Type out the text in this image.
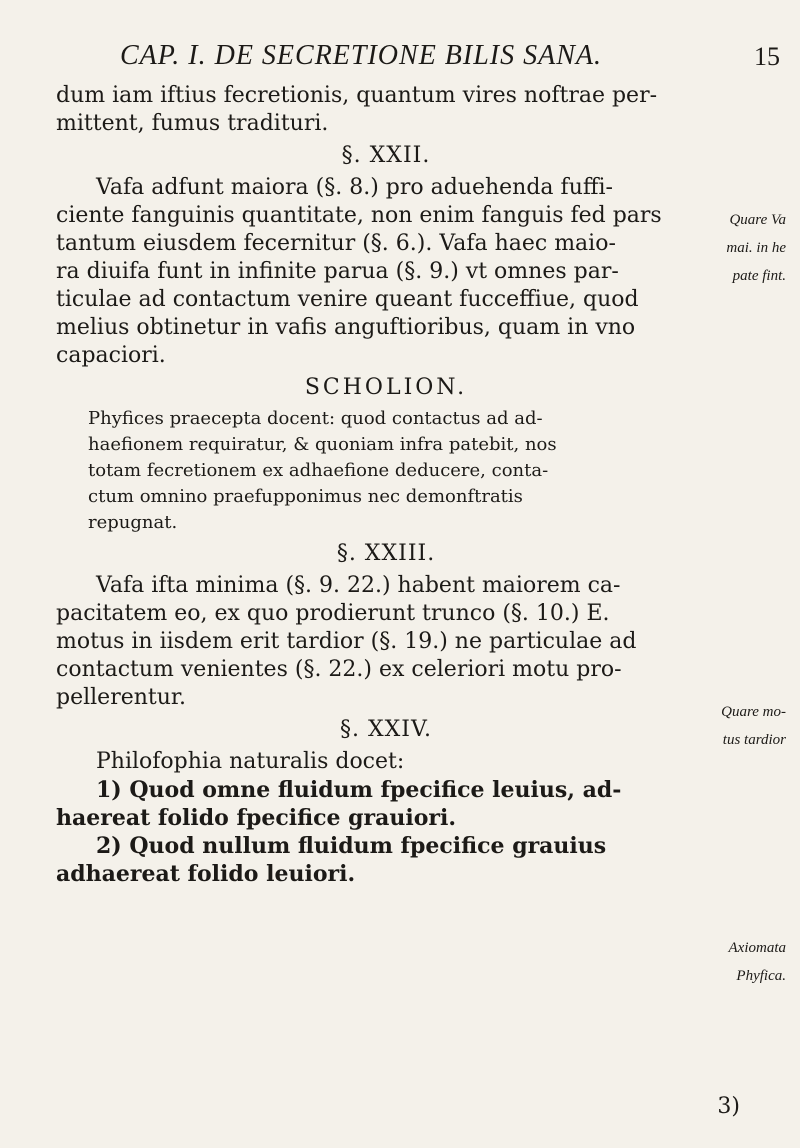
CAP. I. DE SECRETIONE BILIS SANA.	15
dum iam iftius fecretionis, quantum vires noftrae per-
mittent, fumus tradituri.
§. XXII.
Vafa adfunt maiora (§. 8.) pro aduehenda fuffi-
ciente fanguinis quantitate, non enim fanguis fed pars
tantum eiusdem fecernitur (§. 6.). Vafa haec maio-
ra diuifa funt in infinite parua (§. 9.) vt omnes par-
ticulae ad contactum venire queant fucceffiue, quod
melius obtinetur in vafis anguftioribus, quam in vno
capaciori.
SCHOLION.
Phyfices praecepta docent: quod contactus ad ad-
haefionem requiratur, & quoniam infra patebit, nos
totam fecretionem ex adhaefione deducere, conta-
ctum omnino praefupponimus nec demonftratis
repugnat.
§. XXIII.
Vafa ifta minima (§. 9. 22.) habent maiorem ca-
pacitatem eo, ex quo prodierunt trunco (§. 10.) E.
motus in iisdem erit tardior (§. 19.) ne particulae ad
contactum venientes (§. 22.) ex celeriori motu pro-
pellerentur.
§. XXIV.
Philofophia naturalis docet:
1) Quod omne fluidum fpecifice leuius, ad-
haereat folido fpecifice grauiori.
2) Quod nullum fluidum fpecifice grauius
adhaereat folido leuiori.
Quare Va
mai. in he
pate fint.
Quare mo-
tus tardior
Axiomata
Phyfica.
3)
